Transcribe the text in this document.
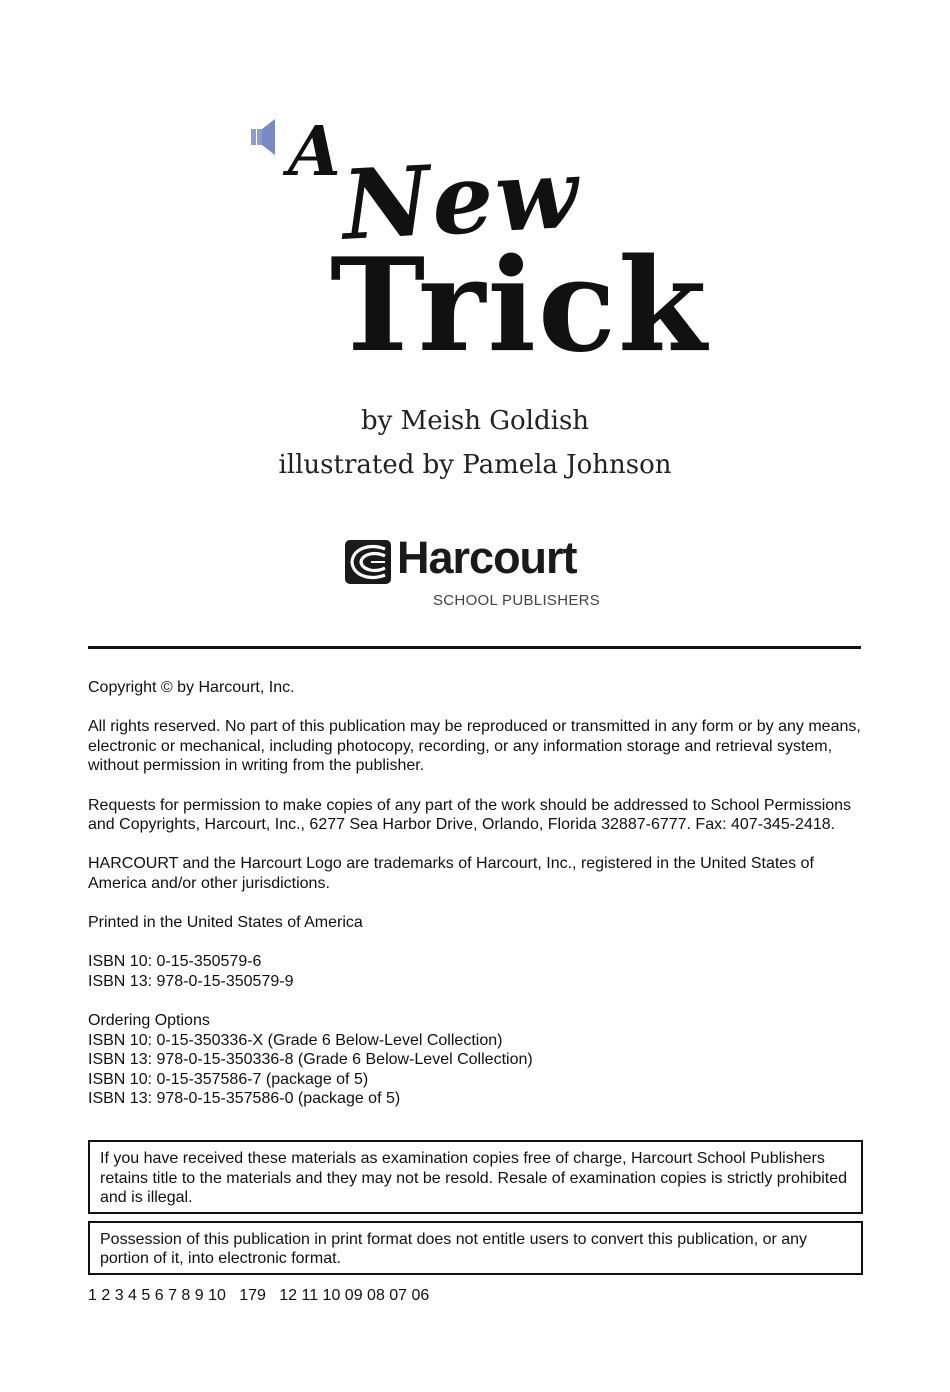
A
New
Trick

by Meish Goldish

illustrated by Pamela Johnson

Harcourt
SCHOOL PUBLISHERS

Copyright © by Harcourt, Inc.

All rights reserved. No part of this publication may be reproduced or transmitted in any form or by any means, electronic or mechanical, including photocopy, recording, or any information storage and retrieval system, without permission in writing from the publisher.

Requests for permission to make copies of any part of the work should be addressed to School Permissions and Copyrights, Harcourt, Inc., 6277 Sea Harbor Drive, Orlando, Florida 32887-6777. Fax: 407-345-2418.

HARCOURT and the Harcourt Logo are trademarks of Harcourt, Inc., registered in the United States of America and/or other jurisdictions.

Printed in the United States of America

ISBN 10: 0-15-350579-6
ISBN 13: 978-0-15-350579-9

Ordering Options
ISBN 10: 0-15-350336-X (Grade 6 Below-Level Collection)
ISBN 13: 978-0-15-350336-8 (Grade 6 Below-Level Collection)
ISBN 10: 0-15-357586-7 (package of 5)
ISBN 13: 978-0-15-357586-0 (package of 5)

If you have received these materials as examination copies free of charge, Harcourt School Publishers retains title to the materials and they may not be resold. Resale of examination copies is strictly prohibited and is illegal.
Possession of this publication in print format does not entitle users to convert this publication, or any portion of it, into electronic format.
1 2 3 4 5 6 7 8 9 10   179   12 11 10 09 08 07 06
